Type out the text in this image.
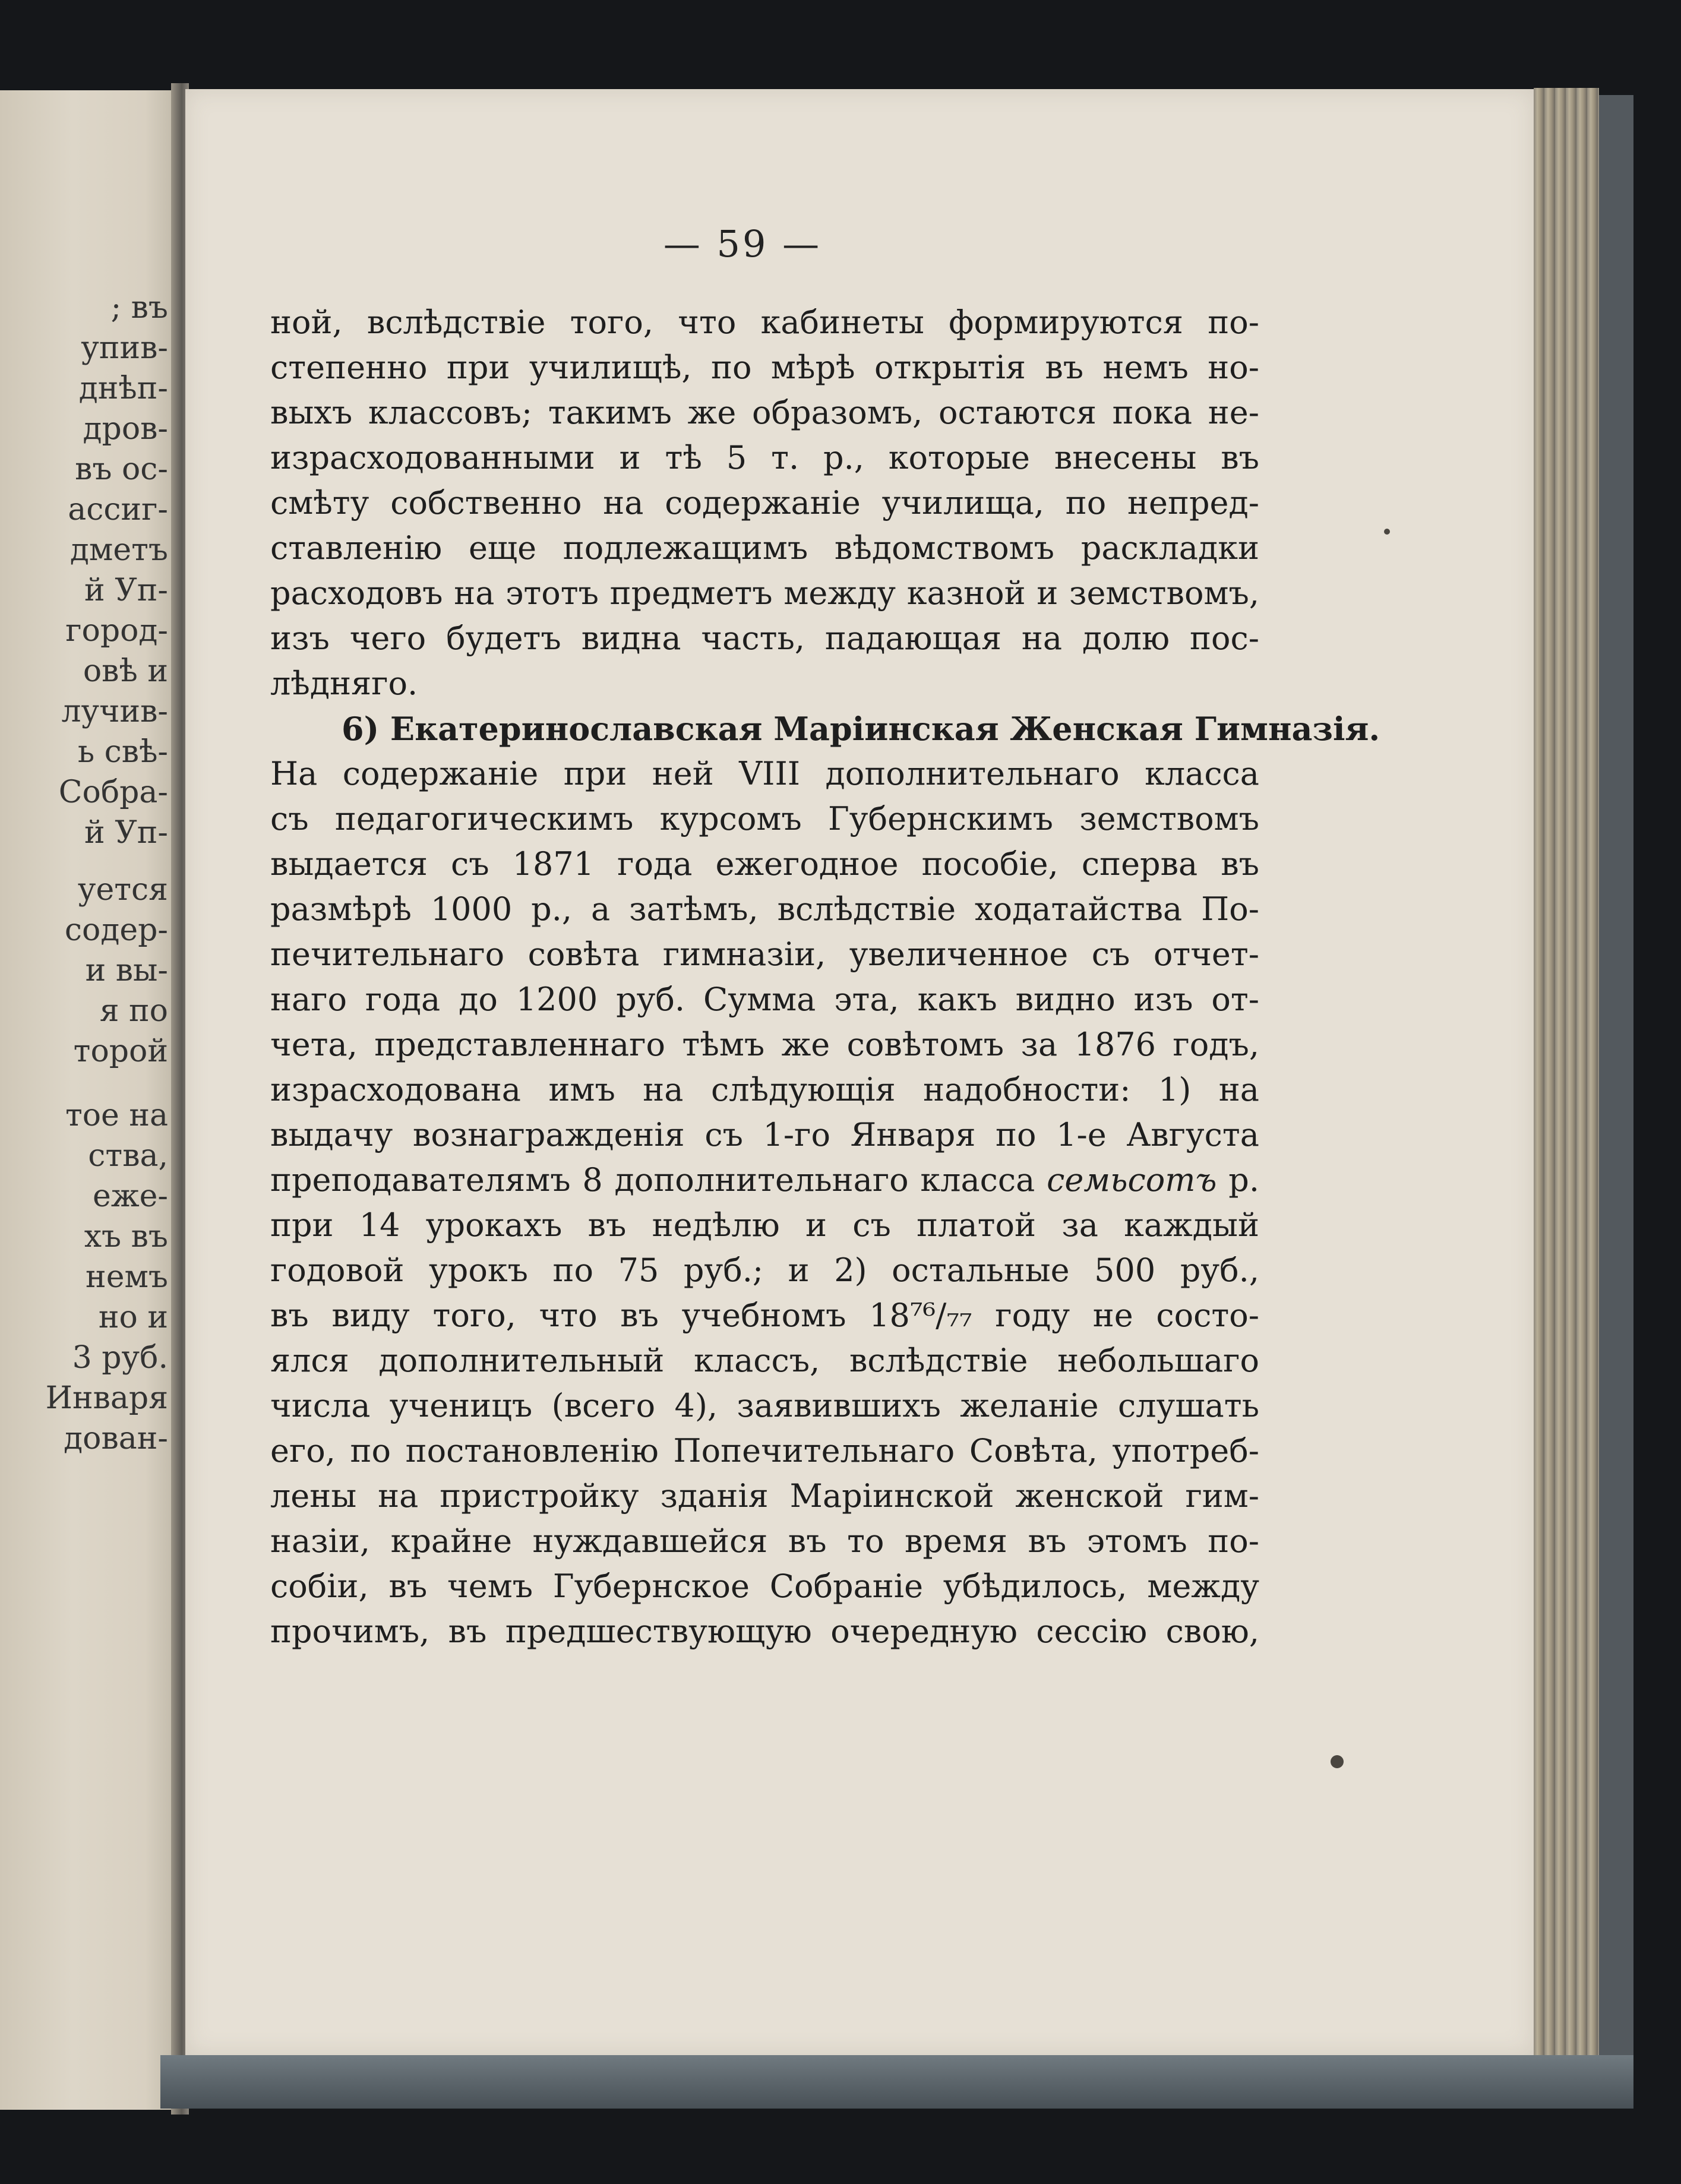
; въ
упив-
днѣп-
дров-
въ ос-
ассиг-
дметъ
й Уп-
город-
овѣ и
лучив-
ь свѣ-
Собра-
й Уп-
уется
содер-
и вы-
я по
торой
тое на
ства,
еже-
хъ въ
немъ
но и
3 руб.
Инваря
дован-
— 59 —
ной, вслѣдствіе того, что кабинеты формируются по-
степенно при училищѣ, по мѣрѣ открытія въ немъ но-
выхъ классовъ; такимъ же образомъ, остаются пока не-
израсходованными и тѣ 5 т. р., которые внесены въ
смѣту собственно на содержаніе училища, по непред-
ставленію еще подлежащимъ вѣдомствомъ раскладки
расходовъ на этотъ предметъ между казной и земствомъ,
изъ чего будетъ видна часть, падающая на долю пос-
лѣдняго.
6) Екатеринославская Маріинская Женская Гимназія.
На содержаніе при ней VIII дополнительнаго класса
съ педагогическимъ курсомъ Губернскимъ земствомъ
выдается съ 1871 года ежегодное пособіе, сперва въ
размѣрѣ 1000 р., а затѣмъ, вслѣдствіе ходатайства По-
печительнаго совѣта гимназіи, увеличенное съ отчет-
наго года до 1200 руб. Сумма эта, какъ видно изъ от-
чета, представленнаго тѣмъ же совѣтомъ за 1876 годъ,
израсходована имъ на слѣдующія надобности: 1) на
выдачу вознагражденія съ 1-го Января по 1-е Августа
преподавателямъ 8 дополнительнаго класса семьсотъ р.
при 14 урокахъ въ недѣлю и съ платой за каждый
годовой урокъ по 75 руб.; и 2) остальные 500 руб.,
въ виду того, что въ учебномъ 18⁷⁶/₇₇ году не состо-
ялся дополнительный классъ, вслѣдствіе небольшаго
числа ученицъ (всего 4), заявившихъ желаніе слушать
его, по постановленію Попечительнаго Совѣта, употреб-
лены на пристройку зданія Маріинской женской гим-
назіи, крайне нуждавшейся въ то время въ этомъ по-
собіи, въ чемъ Губернское Собраніе убѣдилось, между
прочимъ, въ предшествующую очередную сессію свою,
